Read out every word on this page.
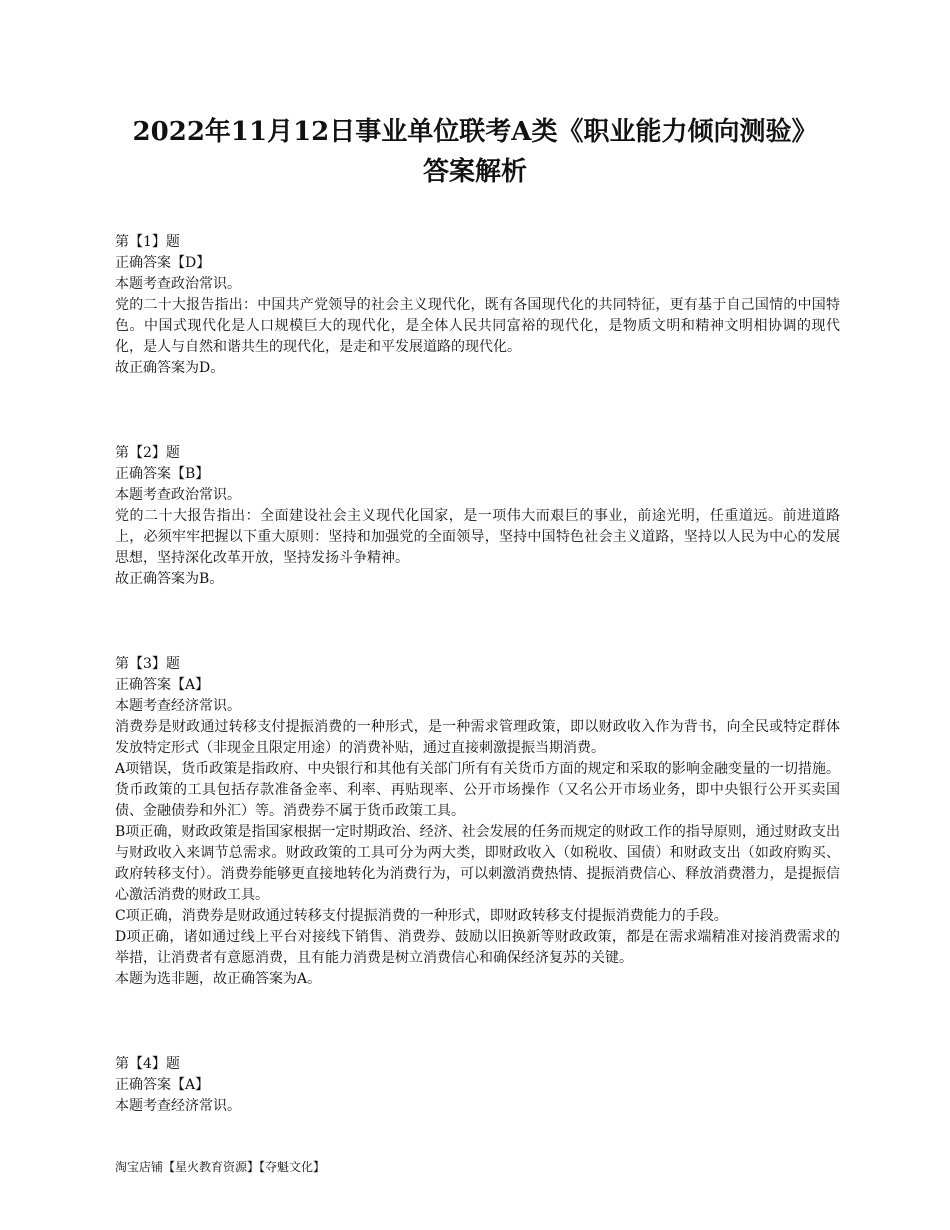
2022年11月12日事业单位联考A类《职业能力倾向测验》
答案解析
第【1】题
正确答案【D】
本题考查政治常识。
党的二十大报告指出：中国共产党领导的社会主义现代化，既有各国现代化的共同特征，更有基于自己国情的中国特色。中国式现代化是人口规模巨大的现代化，是全体人民共同富裕的现代化，是物质文明和精神文明相协调的现代化，是人与自然和谐共生的现代化，是走和平发展道路的现代化。
故正确答案为D。
第【2】题
正确答案【B】
本题考查政治常识。
党的二十大报告指出：全面建设社会主义现代化国家，是一项伟大而艰巨的事业，前途光明，任重道远。前进道路上，必须牢牢把握以下重大原则：坚持和加强党的全面领导，坚持中国特色社会主义道路，坚持以人民为中心的发展思想，坚持深化改革开放，坚持发扬斗争精神。
故正确答案为B。
第【3】题
正确答案【A】
本题考查经济常识。
消费券是财政通过转移支付提振消费的一种形式，是一种需求管理政策，即以财政收入作为背书，向全民或特定群体发放特定形式（非现金且限定用途）的消费补贴，通过直接刺激提振当期消费。
A项错误，货币政策是指政府、中央银行和其他有关部门所有有关货币方面的规定和采取的影响金融变量的一切措施。货币政策的工具包括存款准备金率、利率、再贴现率、公开市场操作（又名公开市场业务，即中央银行公开买卖国债、金融债券和外汇）等。消费券不属于货币政策工具。
B项正确，财政政策是指国家根据一定时期政治、经济、社会发展的任务而规定的财政工作的指导原则，通过财政支出与财政收入来调节总需求。财政政策的工具可分为两大类，即财政收入（如税收、国债）和财政支出（如政府购买、政府转移支付）。消费券能够更直接地转化为消费行为，可以刺激消费热情、提振消费信心、释放消费潜力，是提振信心激活消费的财政工具。
C项正确，消费券是财政通过转移支付提振消费的一种形式，即财政转移支付提振消费能力的手段。
D项正确，诸如通过线上平台对接线下销售、消费券、鼓励以旧换新等财政政策，都是在需求端精准对接消费需求的举措，让消费者有意愿消费，且有能力消费是树立消费信心和确保经济复苏的关键。
本题为选非题，故正确答案为A。
第【4】题
正确答案【A】
本题考查经济常识。
淘宝店铺【星火教育资源】【夺魁文化】
